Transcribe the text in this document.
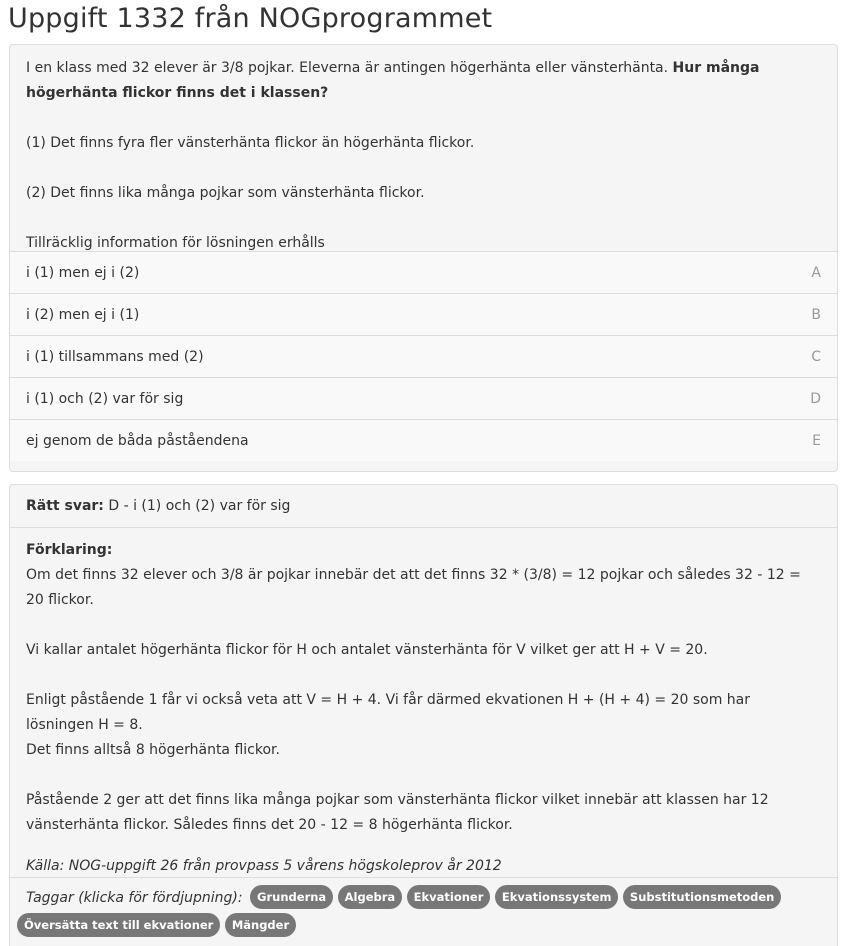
Uppgift 1332 från NOGprogrammet

I en klass med 32 elever är 3/8 pojkar. Eleverna är antingen högerhänta eller vänsterhänta. Hur många högerhänta flickor finns det i klassen?

(1) Det finns fyra fler vänsterhänta flickor än högerhänta flickor.

(2) Det finns lika många pojkar som vänsterhänta flickor.

Tillräcklig information för lösningen erhålls

i (1) men ej i (2)	A
i (2) men ej i (1)	B
i (1) tillsammans med (2)	C
i (1) och (2) var för sig	D
ej genom de båda påståendena	E
Rätt svar: D - i (1) och (2) var för sig
Förklaring:

Om det finns 32 elever och 3/8 är pojkar innebär det att det finns 32 * (3/8) = 12 pojkar och således 32 - 12 = 20 flickor.

Vi kallar antalet högerhänta flickor för H och antalet vänsterhänta för V vilket ger att H + V = 20.

Enligt påstående 1 får vi också veta att V = H + 4. Vi får därmed ekvationen H + (H + 4) = 20 som har lösningen H = 8.

Det finns alltså 8 högerhänta flickor.

Påstående 2 ger att det finns lika många pojkar som vänsterhänta flickor vilket innebär att klassen har 12 vänsterhänta flickor. Således finns det 20 - 12 = 8 högerhänta flickor.

Källa: NOG-uppgift 26 från provpass 5 vårens högskoleprov år 2012

Taggar (klicka för fördjupning): Grunderna Algebra Ekvationer Ekvationssystem Substitutionsmetoden
Översätta text till ekvationer Mängder
